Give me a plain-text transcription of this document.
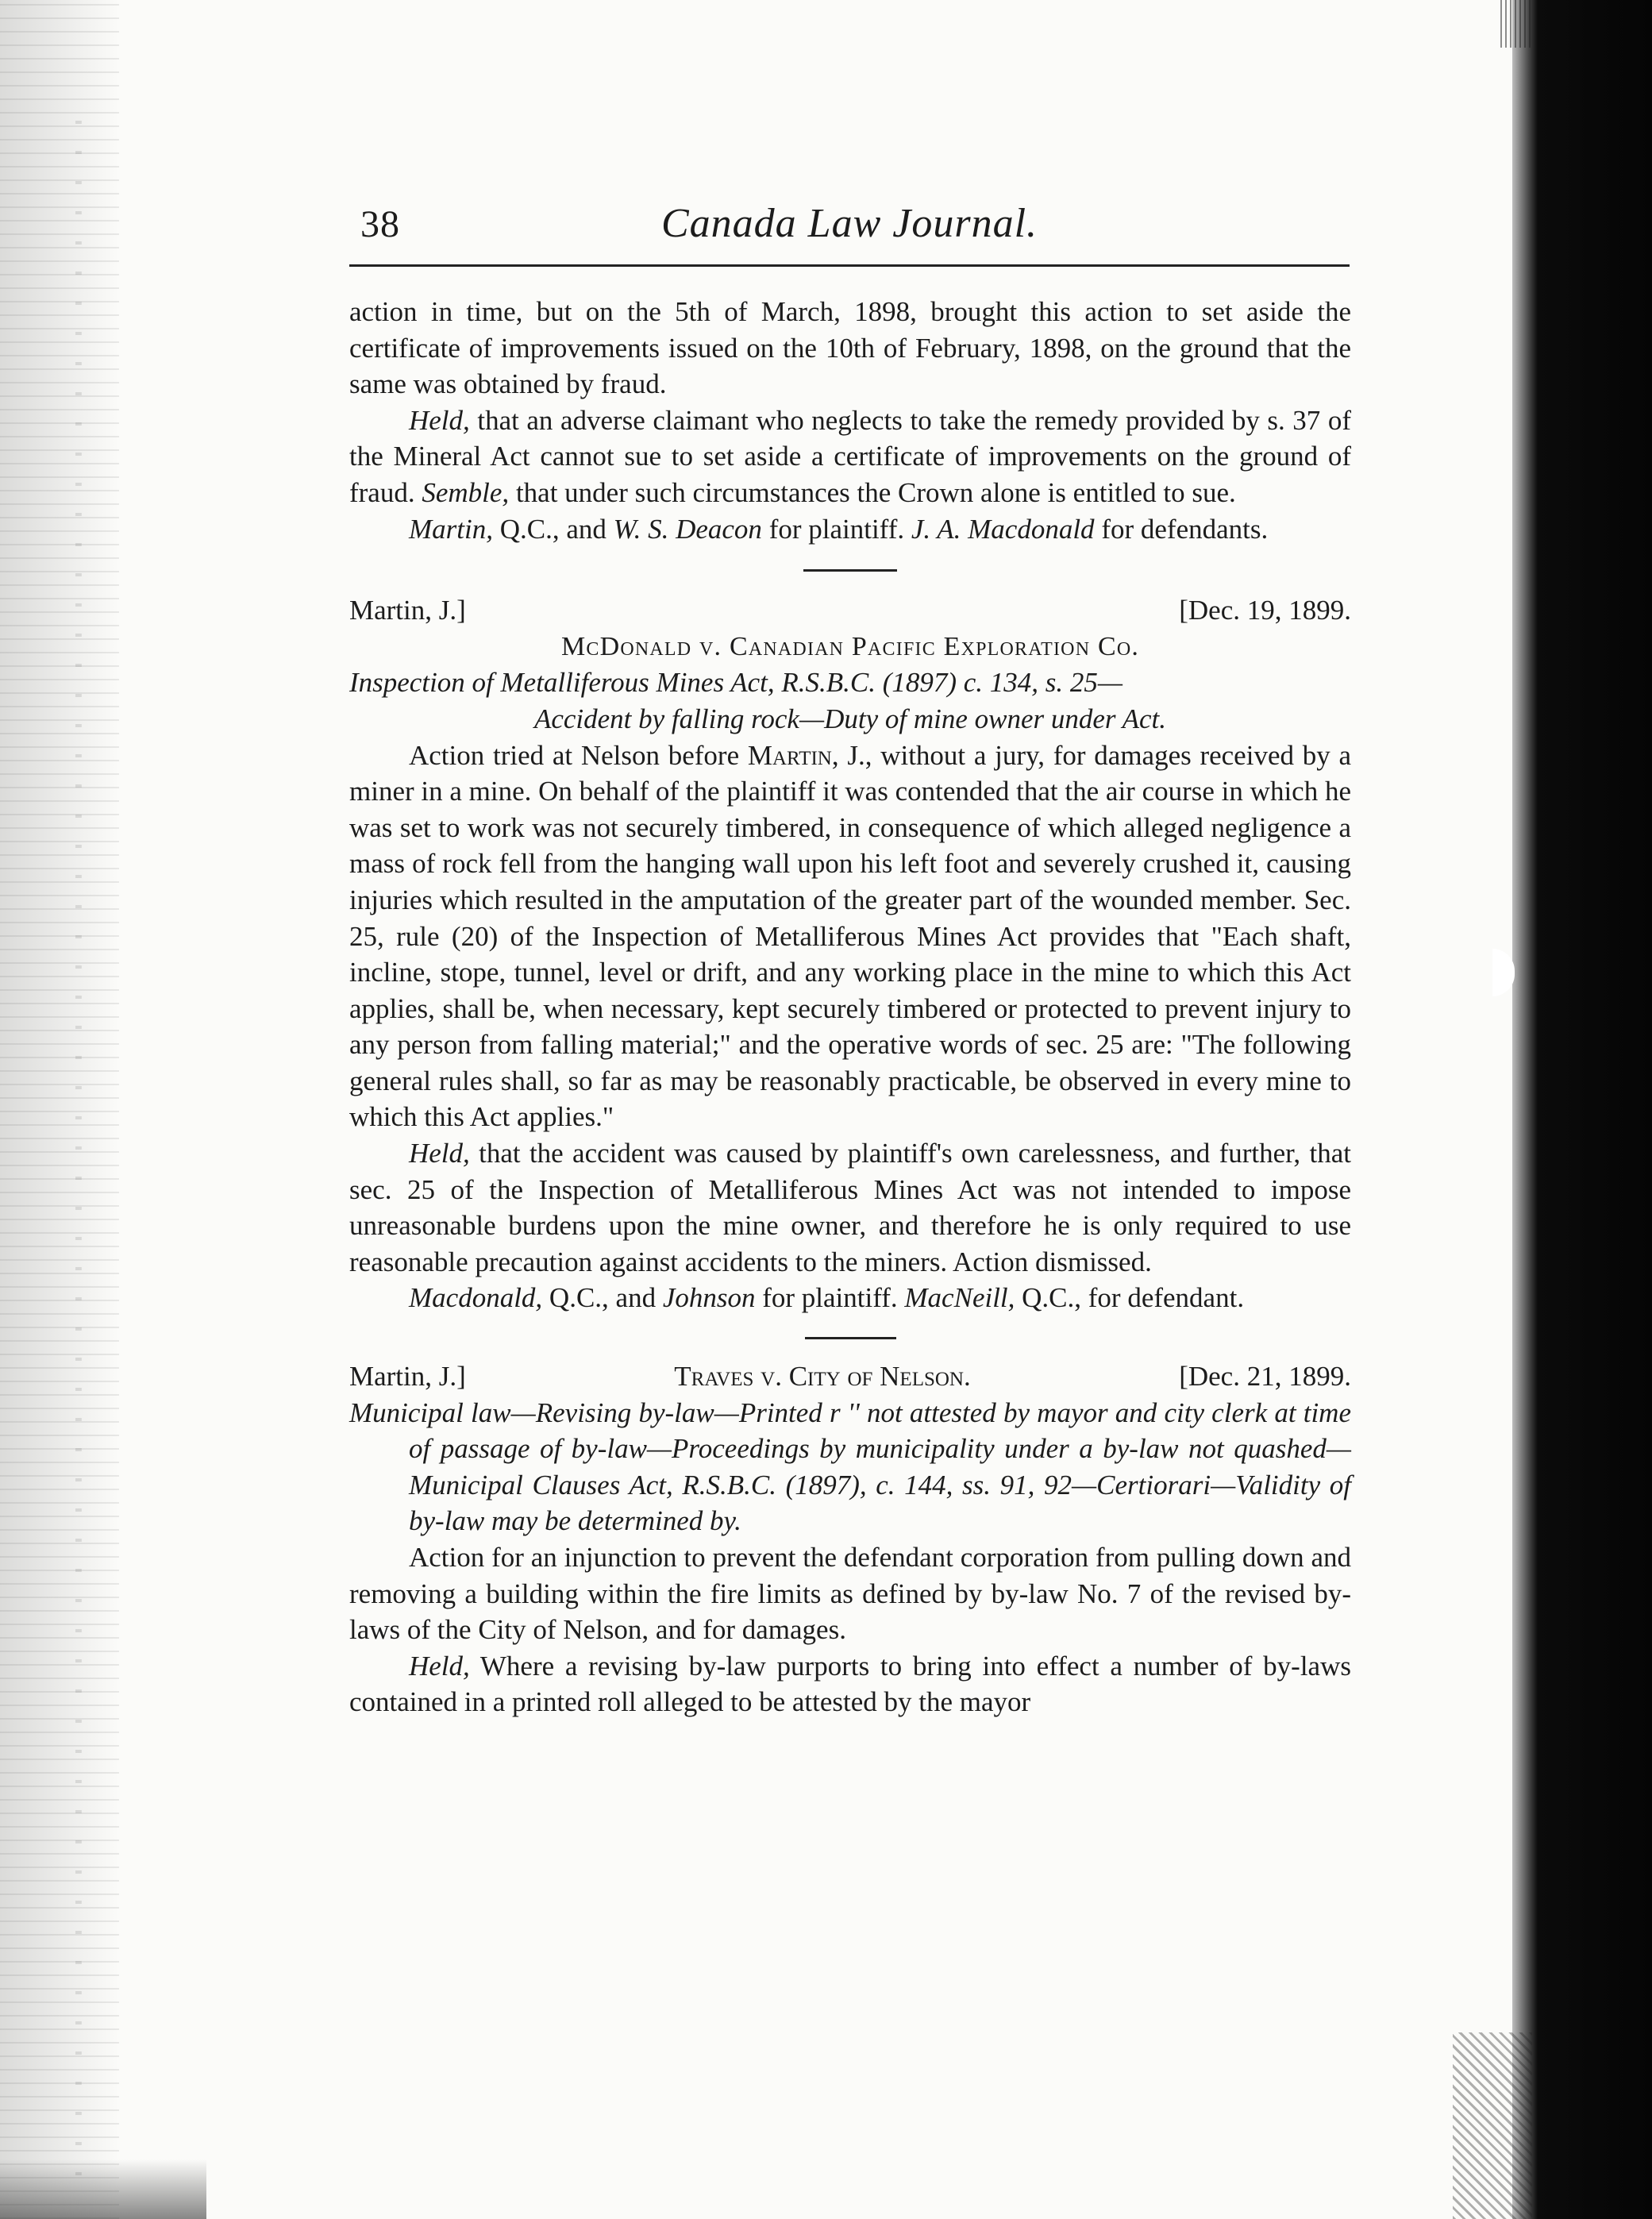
38	Canada Law Journal.

action in time, but on the 5th of March, 1898, brought this action to set aside the certificate of improvements issued on the 10th of February, 1898, on the ground that the same was obtained by fraud.

Held, that an adverse claimant who neglects to take the remedy provided by s. 37 of the Mineral Act cannot sue to set aside a certificate of improvements on the ground of fraud. Semble, that under such circumstances the Crown alone is entitled to sue.

Martin, Q.C., and W. S. Deacon for plaintiff. J. A. Macdonald for defendants.

Martin, J.]	[Dec. 19, 1899.

McDonald v. Canadian Pacific Exploration Co.

Inspection of Metalliferous Mines Act, R.S.B.C. (1897) c. 134, s. 25—

Accident by falling rock—Duty of mine owner under Act.

Action tried at Nelson before Martin, J., without a jury, for damages received by a miner in a mine. On behalf of the plaintiff it was contended that the air course in which he was set to work was not securely timbered, in consequence of which alleged negligence a mass of rock fell from the hanging wall upon his left foot and severely crushed it, causing injuries which resulted in the amputation of the greater part of the wounded member. Sec. 25, rule (20) of the Inspection of Metalliferous Mines Act provides that "Each shaft, incline, stope, tunnel, level or drift, and any working place in the mine to which this Act applies, shall be, when necessary, kept securely timbered or protected to prevent injury to any person from falling material;" and the operative words of sec. 25 are: "The following general rules shall, so far as may be reasonably practicable, be observed in every mine to which this Act applies."

Held, that the accident was caused by plaintiff's own carelessness, and further, that sec. 25 of the Inspection of Metalliferous Mines Act was not intended to impose unreasonable burdens upon the mine owner, and therefore he is only required to use reasonable precaution against accidents to the miners. Action dismissed.

Macdonald, Q.C., and Johnson for plaintiff. MacNeill, Q.C., for defendant.

Martin, J.]	Traves v. City of Nelson.	[Dec. 21, 1899.

Municipal law—Revising by-law—Printed r '' not attested by mayor and city clerk at time of passage of by-law—Proceedings by municipality under a by-law not quashed—Municipal Clauses Act, R.S.B.C. (1897), c. 144, ss. 91, 92—Certiorari—Validity of by-law may be determined by.

Action for an injunction to prevent the defendant corporation from pulling down and removing a building within the fire limits as defined by by-law No. 7 of the revised by-laws of the City of Nelson, and for damages.

Held, Where a revising by-law purports to bring into effect a number of by-laws contained in a printed roll alleged to be attested by the mayor
